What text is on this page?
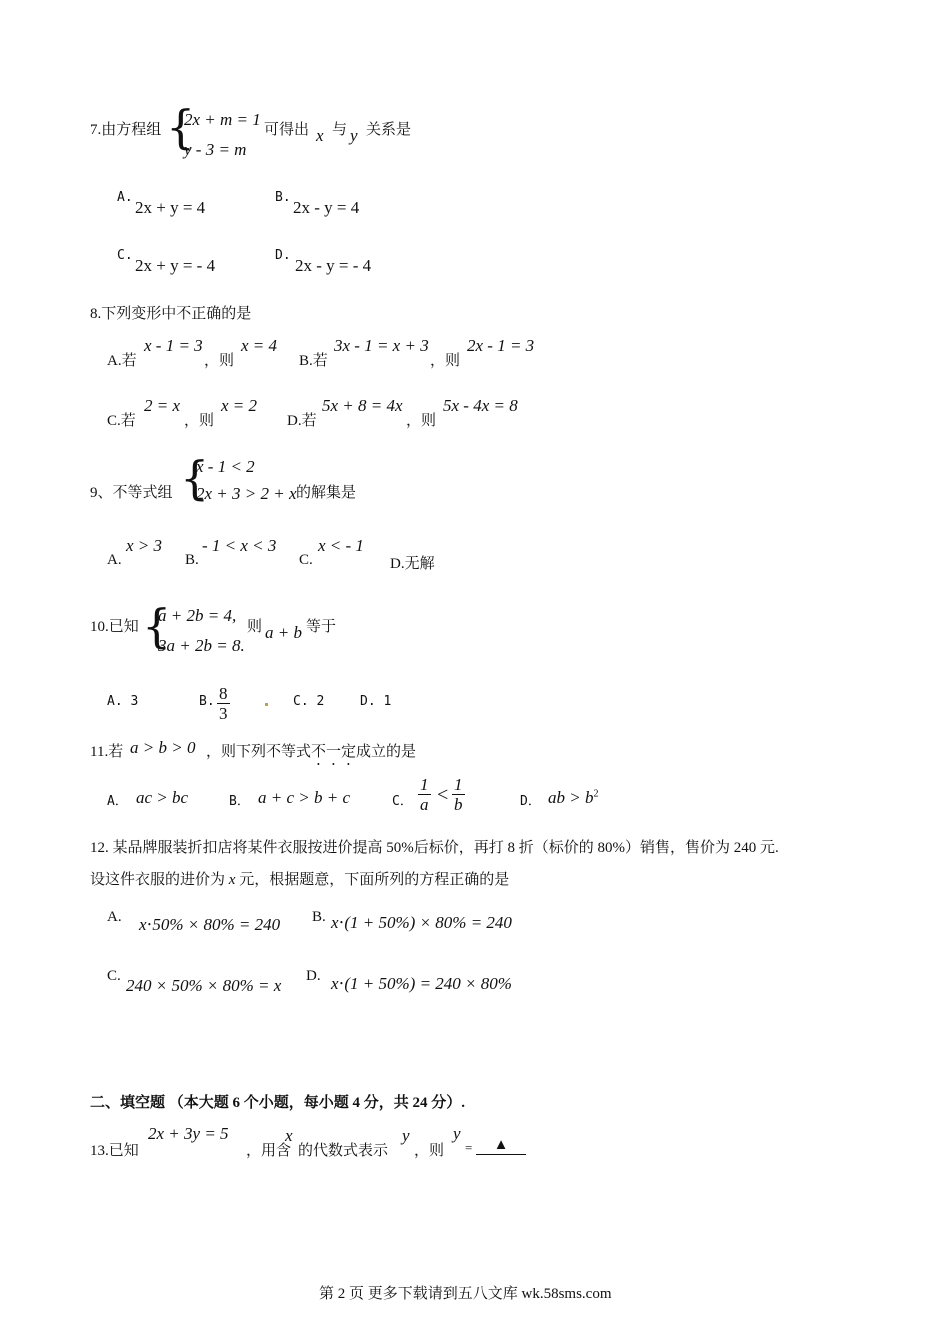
7.由方程组 {
2x + m = 1
y - 3 = m
可得出 x 与 y 关系是
A.
2x + y = 4
B.
2x - y = 4
C.
2x + y = - 4
D.
2x - y = - 4
8.下列变形中不正确的是
A.若
x - 1 = 3
，则
x = 4
B.若
3x - 1 = x + 3
，则
2x - 1 = 3
C.若
2 = x
，则
x = 2
D.若
5x + 8 = 4x
，则
5x - 4x = 8
9、不等式组 {
x - 1 < 2
2x + 3 > 2 + x 的解集是
A.
x > 3
B.
- 1 < x < 3
C.
x < - 1
D.无解
10.已知 {
a + 2b = 4,
3a + 2b = 8.
则 a + b 等于
A. 3	B. $\frac{8}{3}$	C. 2	D. 1
11.若 a > b > 0 ，则下列不等式 不一定 成立的是
A． ac > bc	B． a + c > b + c	C． $\frac{1}{a} < \frac{1}{b}$	D． ab > $b^2$
12. 某品牌服装折扣店将某件衣服按进价提高 50%后标价，再打 8 折（标价的 80%）销售，售价为 240 元.
设这件衣服的进价为 x 元，根据题意，下面所列的方程正确的是
A. x⋅50% × 80% = 240 B. x⋅(1 + 50%) × 80% = 240
C. 240 × 50% × 80% = x D. x⋅(1 + 50%) = 240 × 80%
二、填空题 （本大题 6 个小题，每小题 4 分，共 24 分）.
13.已知
2x + 3y = 5
，用含
x
的代数式表示
y
，则
y
=	▲
第 2 页 更多下载请到五八文库 wk.58sms.com
